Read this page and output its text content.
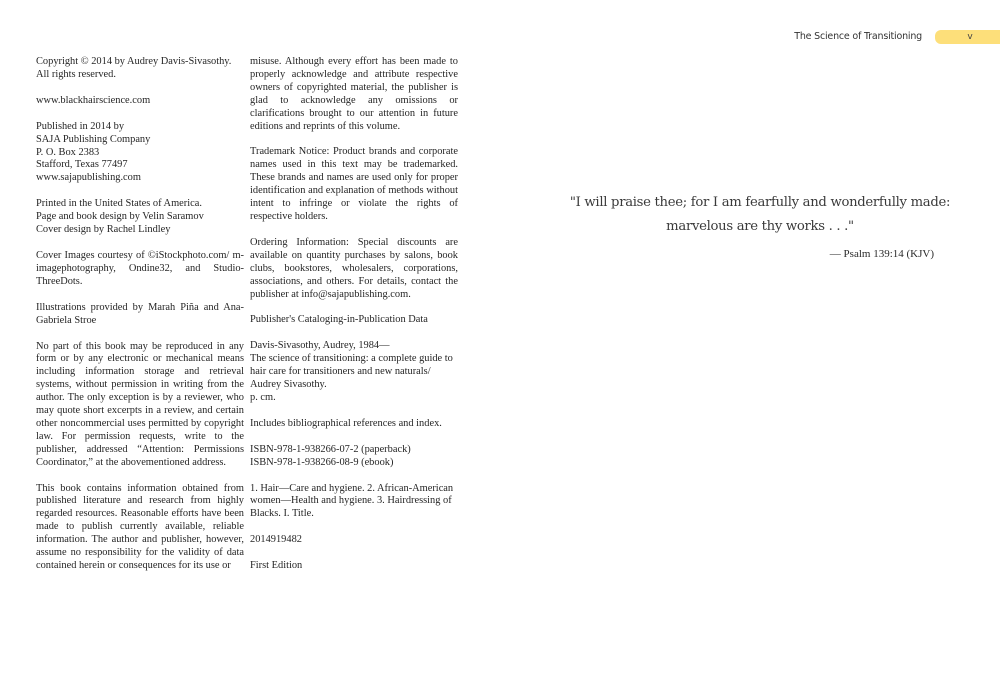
The Science of Transitioning	v

Copyright © 2014 by Audrey Davis-Sivasothy.
All rights reserved.

www.blackhairscience.com

Published in 2014 by
SAJA Publishing Company
P. O. Box 2383
Stafford, Texas 77497
www.sajapublishing.com

Printed in the United States of America.
Page and book design by Velin Saramov
Cover design by Rachel Lindley

Cover Images courtesy of ©iStockphoto.com/ m-imagephotography, Ondine32, and Studio-ThreeDots.

Illustrations provided by Marah Piña and Ana-Gabriela Stroe

No part of this book may be reproduced in any form or by any electronic or mechanical means including information storage and retrieval systems, without permission in writing from the author. The only exception is by a reviewer, who may quote short excerpts in a review, and certain other noncommercial uses permitted by copyright law. For permission requests, write to the publisher, addressed “Attention: Permissions Coordinator,” at the abovementioned address.

This book contains information obtained from published literature and research from highly regarded resources. Reasonable efforts have been made to publish currently available, reliable information. The author and publisher, however, assume no responsibility for the validity of data contained herein or consequences for its use or

misuse. Although every effort has been made to properly acknowledge and attribute respective owners of copyrighted material, the publisher is glad to acknowledge any omissions or clarifications brought to our attention in future editions and reprints of this volume.

Trademark Notice: Product brands and corporate names used in this text may be trademarked. These brands and names are used only for proper identification and explanation of methods without intent to infringe or violate the rights of respective holders.

Ordering Information: Special discounts are available on quantity purchases by salons, book clubs, bookstores, wholesalers, corporations, associations, and others. For details, contact the publisher at info@sajapublishing.com.

Publisher's Cataloging-in-Publication Data

Davis-Sivasothy, Audrey, 1984—
The science of transitioning: a complete guide to hair care for transitioners and new naturals/ Audrey Sivasothy.
p. cm.

Includes bibliographical references and index.

ISBN-978-1-938266-07-2 (paperback)
ISBN-978-1-938266-08-9 (ebook)

1. Hair—Care and hygiene. 2. African-American women—Health and hygiene. 3. Hairdressing of Blacks. I. Title.

2014919482

First Edition

"I will praise thee; for I am fearfully and wonderfully made:
marvelous are thy works . . ."
— Psalm 139:14 (KJV)
